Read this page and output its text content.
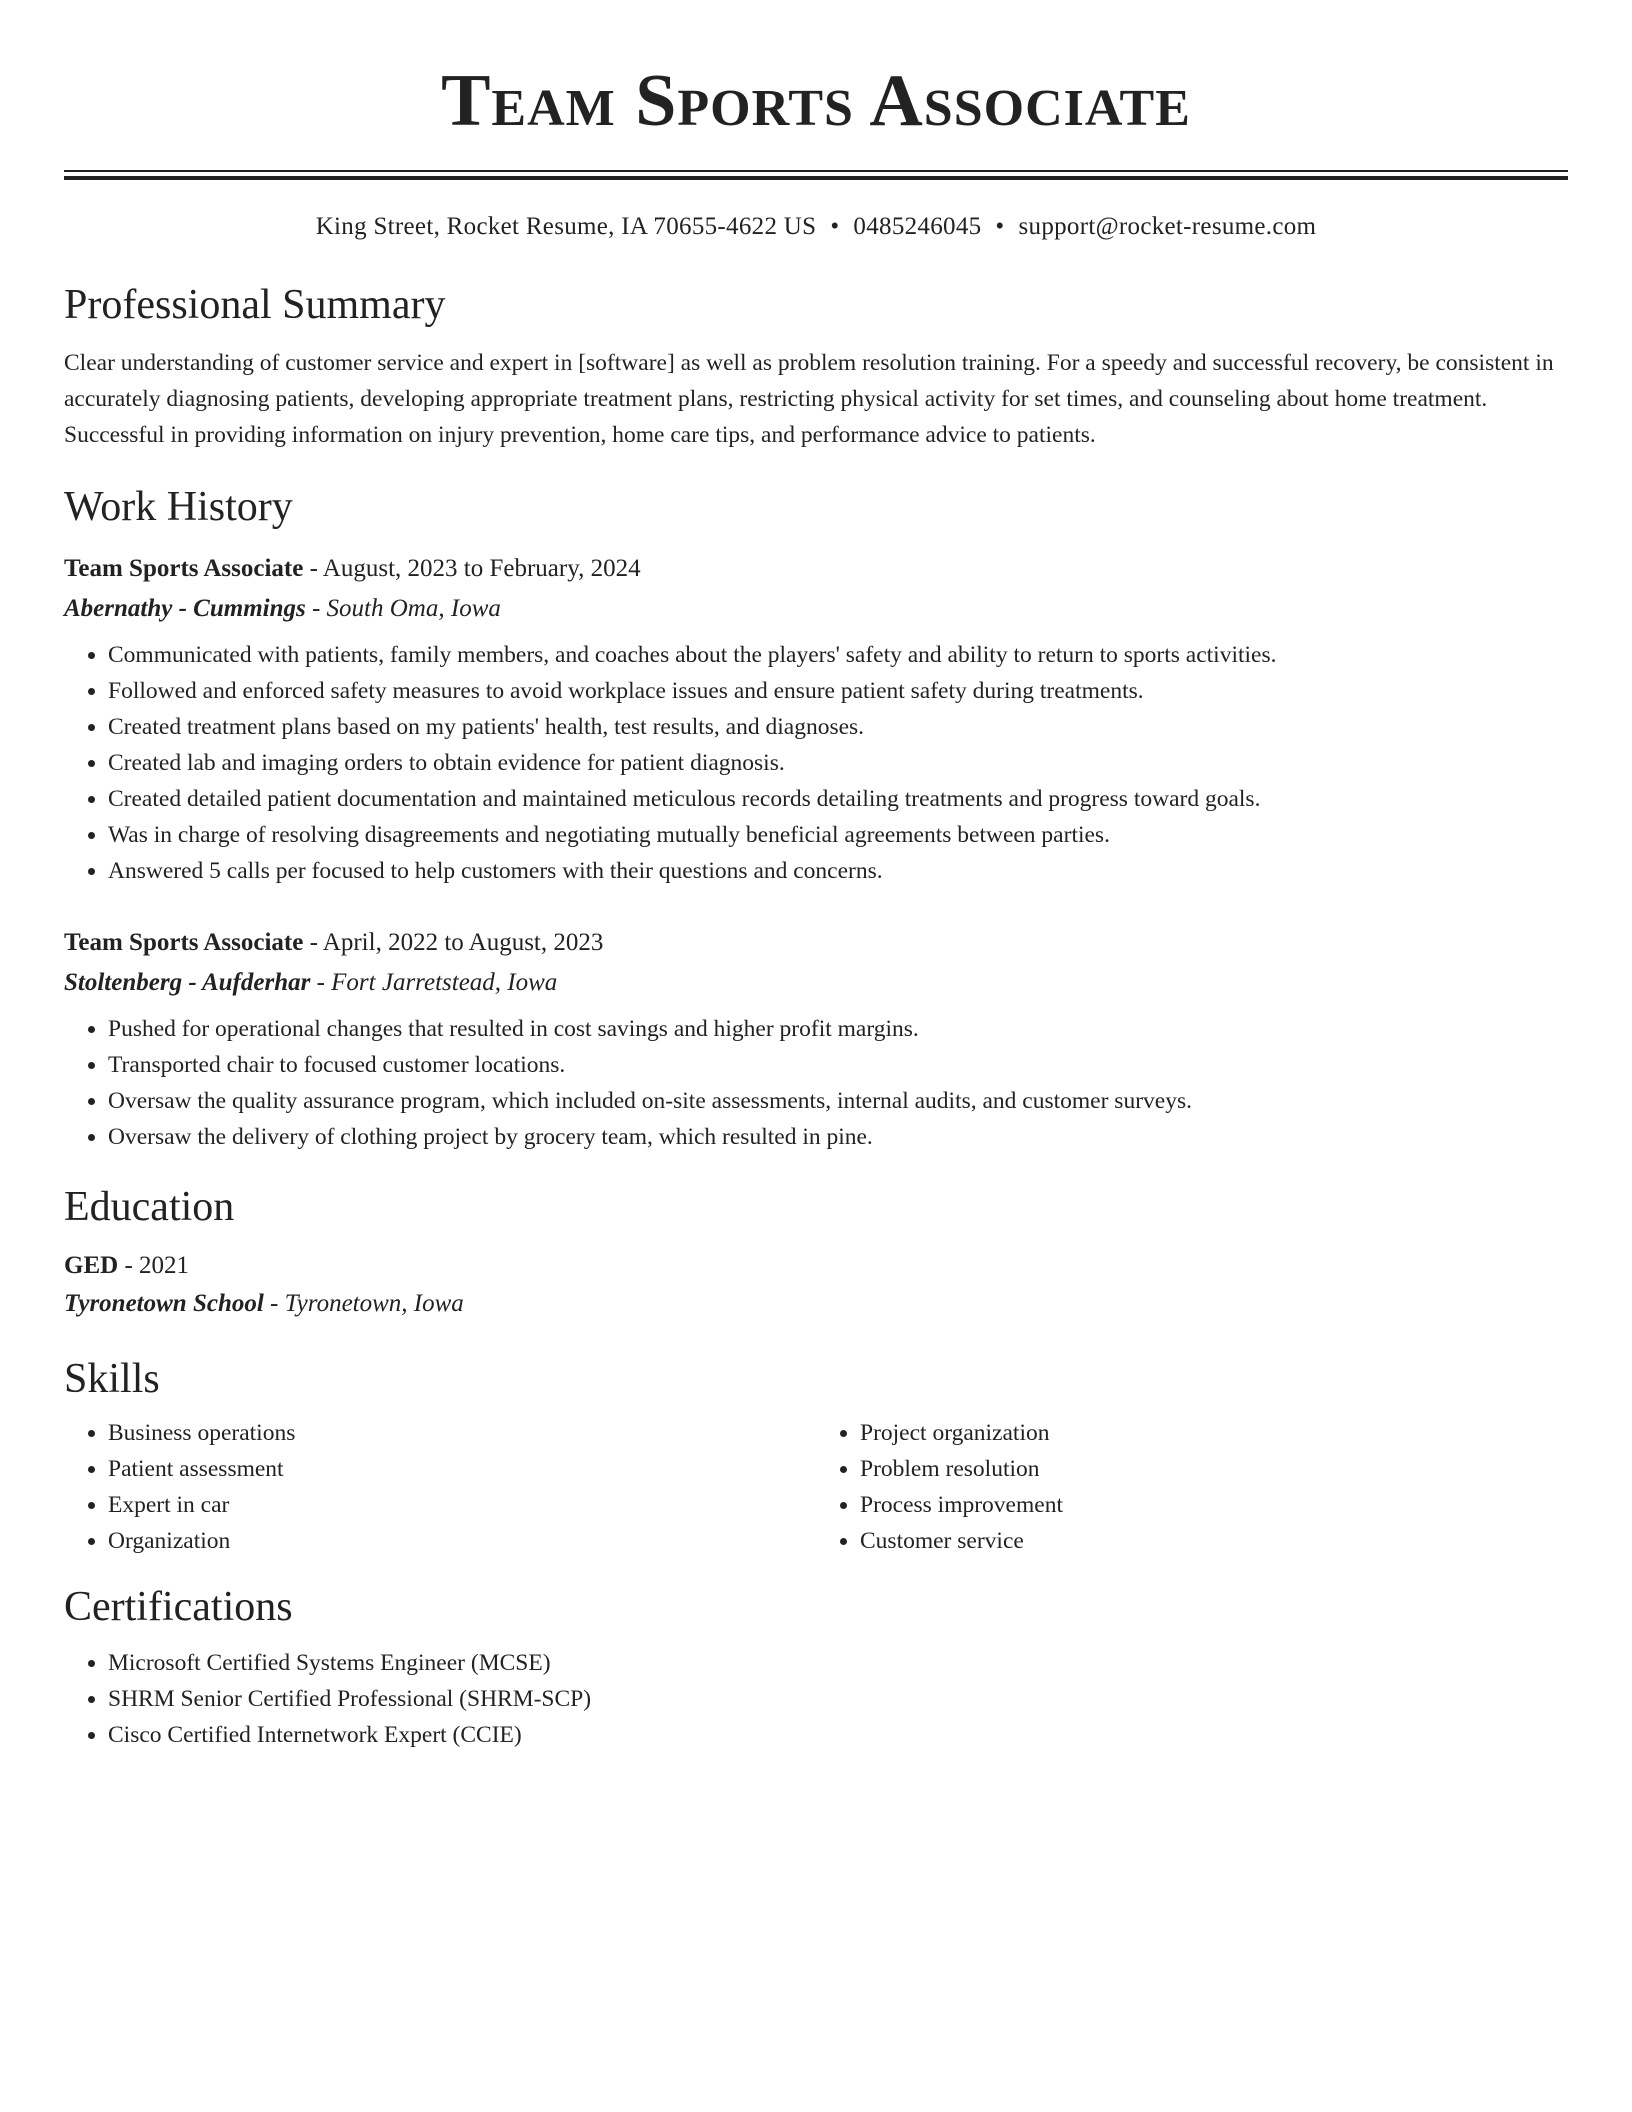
Team Sports Associate
King Street, Rocket Resume, IA 70655-4622 US • 0485246045 • support@rocket-resume.com
Professional Summary

Clear understanding of customer service and expert in [software] as well as problem resolution training. For a speedy and successful recovery, be consistent in accurately diagnosing patients, developing appropriate treatment plans, restricting physical activity for set times, and counseling about home treatment. Successful in providing information on injury prevention, home care tips, and performance advice to patients.

Work History
Team Sports Associate - August, 2023 to February, 2024
Abernathy - Cummings - South Oma, Iowa
• Communicated with patients, family members, and coaches about the players' safety and ability to return to sports activities.
• Followed and enforced safety measures to avoid workplace issues and ensure patient safety during treatments.
• Created treatment plans based on my patients' health, test results, and diagnoses.
• Created lab and imaging orders to obtain evidence for patient diagnosis.
• Created detailed patient documentation and maintained meticulous records detailing treatments and progress toward goals.
• Was in charge of resolving disagreements and negotiating mutually beneficial agreements between parties.
• Answered 5 calls per focused to help customers with their questions and concerns.
Team Sports Associate - April, 2022 to August, 2023
Stoltenberg - Aufderhar - Fort Jarretstead, Iowa
• Pushed for operational changes that resulted in cost savings and higher profit margins.
• Transported chair to focused customer locations.
• Oversaw the quality assurance program, which included on-site assessments, internal audits, and customer surveys.
• Oversaw the delivery of clothing project by grocery team, which resulted in pine.
Education
GED - 2021
Tyronetown School - Tyronetown, Iowa
Skills
• Business operations
• Patient assessment
• Expert in car
• Organization
• Project organization
• Problem resolution
• Process improvement
• Customer service
Certifications
• Microsoft Certified Systems Engineer (MCSE)
• SHRM Senior Certified Professional (SHRM-SCP)
• Cisco Certified Internetwork Expert (CCIE)
